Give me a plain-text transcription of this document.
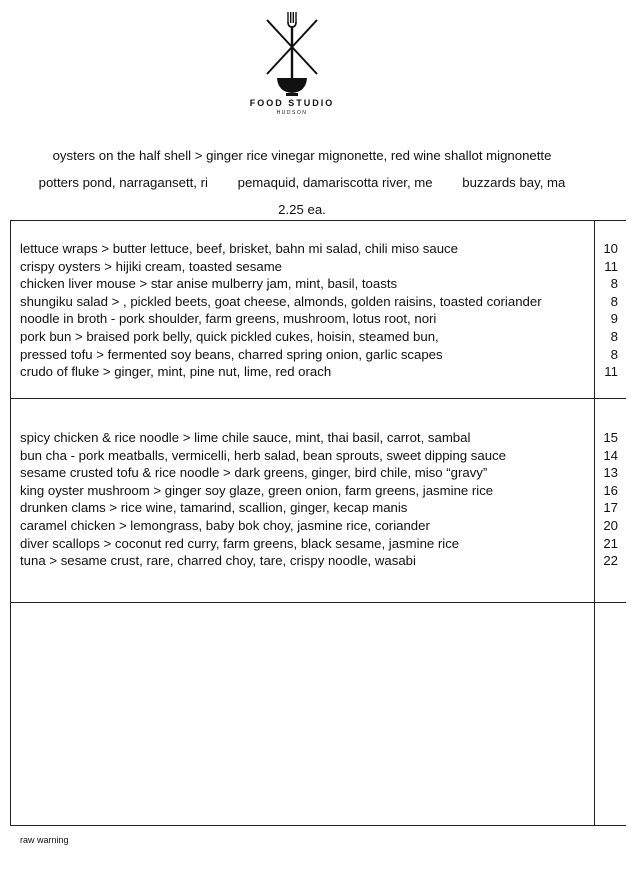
FOOD STUDIO
HUDSON
oysters on the half shell > ginger rice vinegar mignonette, red wine shallot mignonette
potters pond, narragansett, ri pemaquid, damariscotta river, me buzzards bay, ma
2.25 ea.
lettuce wraps > butter lettuce, beef, brisket, bahn mi salad, chili miso sauce	10
crispy oysters > hijiki cream, toasted sesame	11
chicken liver mouse > star anise mulberry jam, mint, basil, toasts	8
shungiku salad > , pickled beets, goat cheese, almonds, golden raisins, toasted coriander	8
noodle in broth - pork shoulder, farm greens, mushroom, lotus root, nori	9
pork bun > braised pork belly, quick pickled cukes, hoisin, steamed bun,	8
pressed tofu > fermented soy beans, charred spring onion, garlic scapes	8
crudo of fluke > ginger, mint, pine nut, lime, red orach	11
spicy chicken & rice noodle > lime chile sauce, mint, thai basil, carrot, sambal	15
bun cha - pork meatballs, vermicelli, herb salad, bean sprouts, sweet dipping sauce	14
sesame crusted tofu & rice noodle > dark greens, ginger, bird chile, miso “gravy”	13
king oyster mushroom > ginger soy glaze, green onion, farm greens, jasmine rice	16
drunken clams > rice wine, tamarind, scallion, ginger, kecap manis	17
caramel chicken > lemongrass, baby bok choy, jasmine rice, coriander	20
diver scallops > coconut red curry, farm greens, black sesame, jasmine rice	21
tuna > sesame crust, rare, charred choy, tare, crispy noodle, wasabi	22
raw warning
